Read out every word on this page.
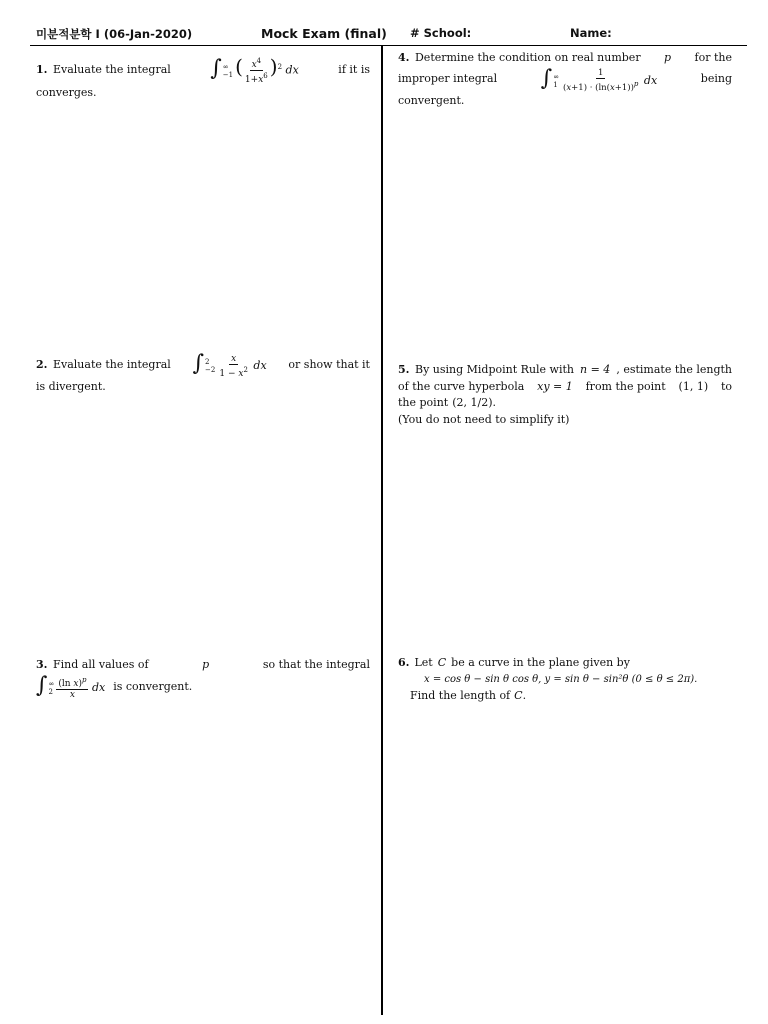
미분적분학 I (06-Jan-2020)	Mock Exam (final) # School:	Name:
1. Evaluate the integral ∫ ∞
−1 ( $\frac{x^4}{1+x^6} )^2$ dx	if it is
converges.
2. Evaluate the integral ∫ 2
$-2 \frac{x}{1 - x^2}$ dx or show that it
is divergent.
3. Find all values of	p	so that the integral
∫ ∞
$2 \frac{(\ln x)^p}{x}$ dx is convergent.
4. Determine the condition on real number p for the
improper integral ∫ ∞
$1 \frac{1}{(x+1) \cdot (\ln(x+1))^p}$ dx	being
convergent.
5. By using Midpoint Rule with n = 4 , estimate the length
of the curve hyperbola xy = 1 from the point (1, 1) to
the point (2, 1/2) .
(You do not need to simplify it)
6. Let C be a curve in the plane given by
x = cos θ − sin θ cos θ, y = sin θ − sin²θ (0 ≤ θ ≤ 2π).
Find the length of C .
